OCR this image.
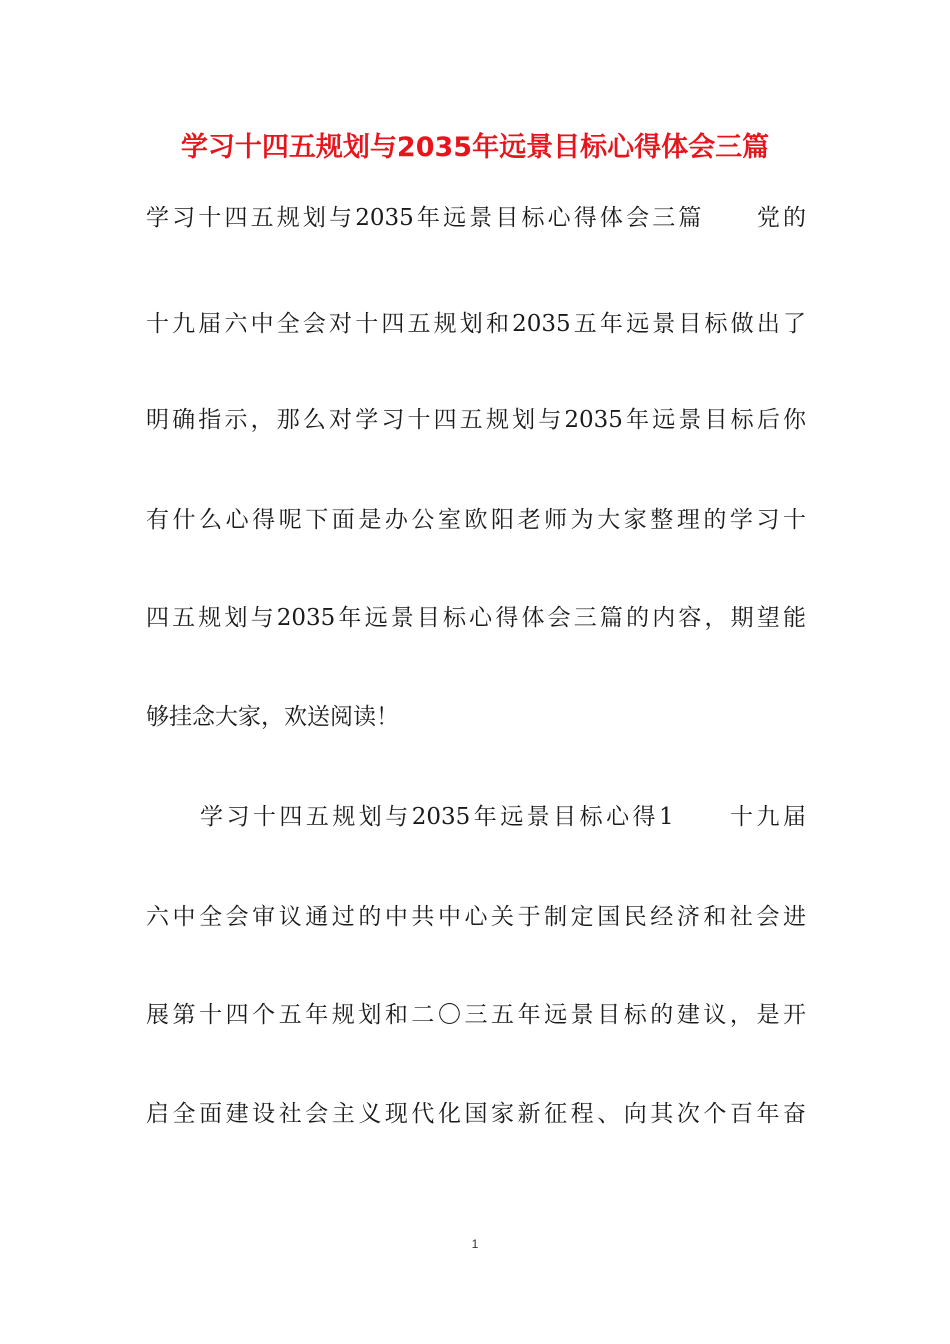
学习十四五规划与2035年远景目标心得体会三篇
学习十四五规划与2035年远景目标心得体会三篇　　党的
十九届六中全会对十四五规划和2035五年远景目标做出了
明确指示，那么对学习十四五规划与2035年远景目标后你
有什么心得呢下面是办公室欧阳老师为大家整理的学习十
四五规划与2035年远景目标心得体会三篇的内容，期望能
够挂念大家，欢送阅读！
学习十四五规划与2035年远景目标心得1　　十九届
六中全会审议通过的中共中心关于制定国民经济和社会进
展第十四个五年规划和二〇三五年远景目标的建议，是开
启全面建设社会主义现代化国家新征程、向其次个百年奋
1
